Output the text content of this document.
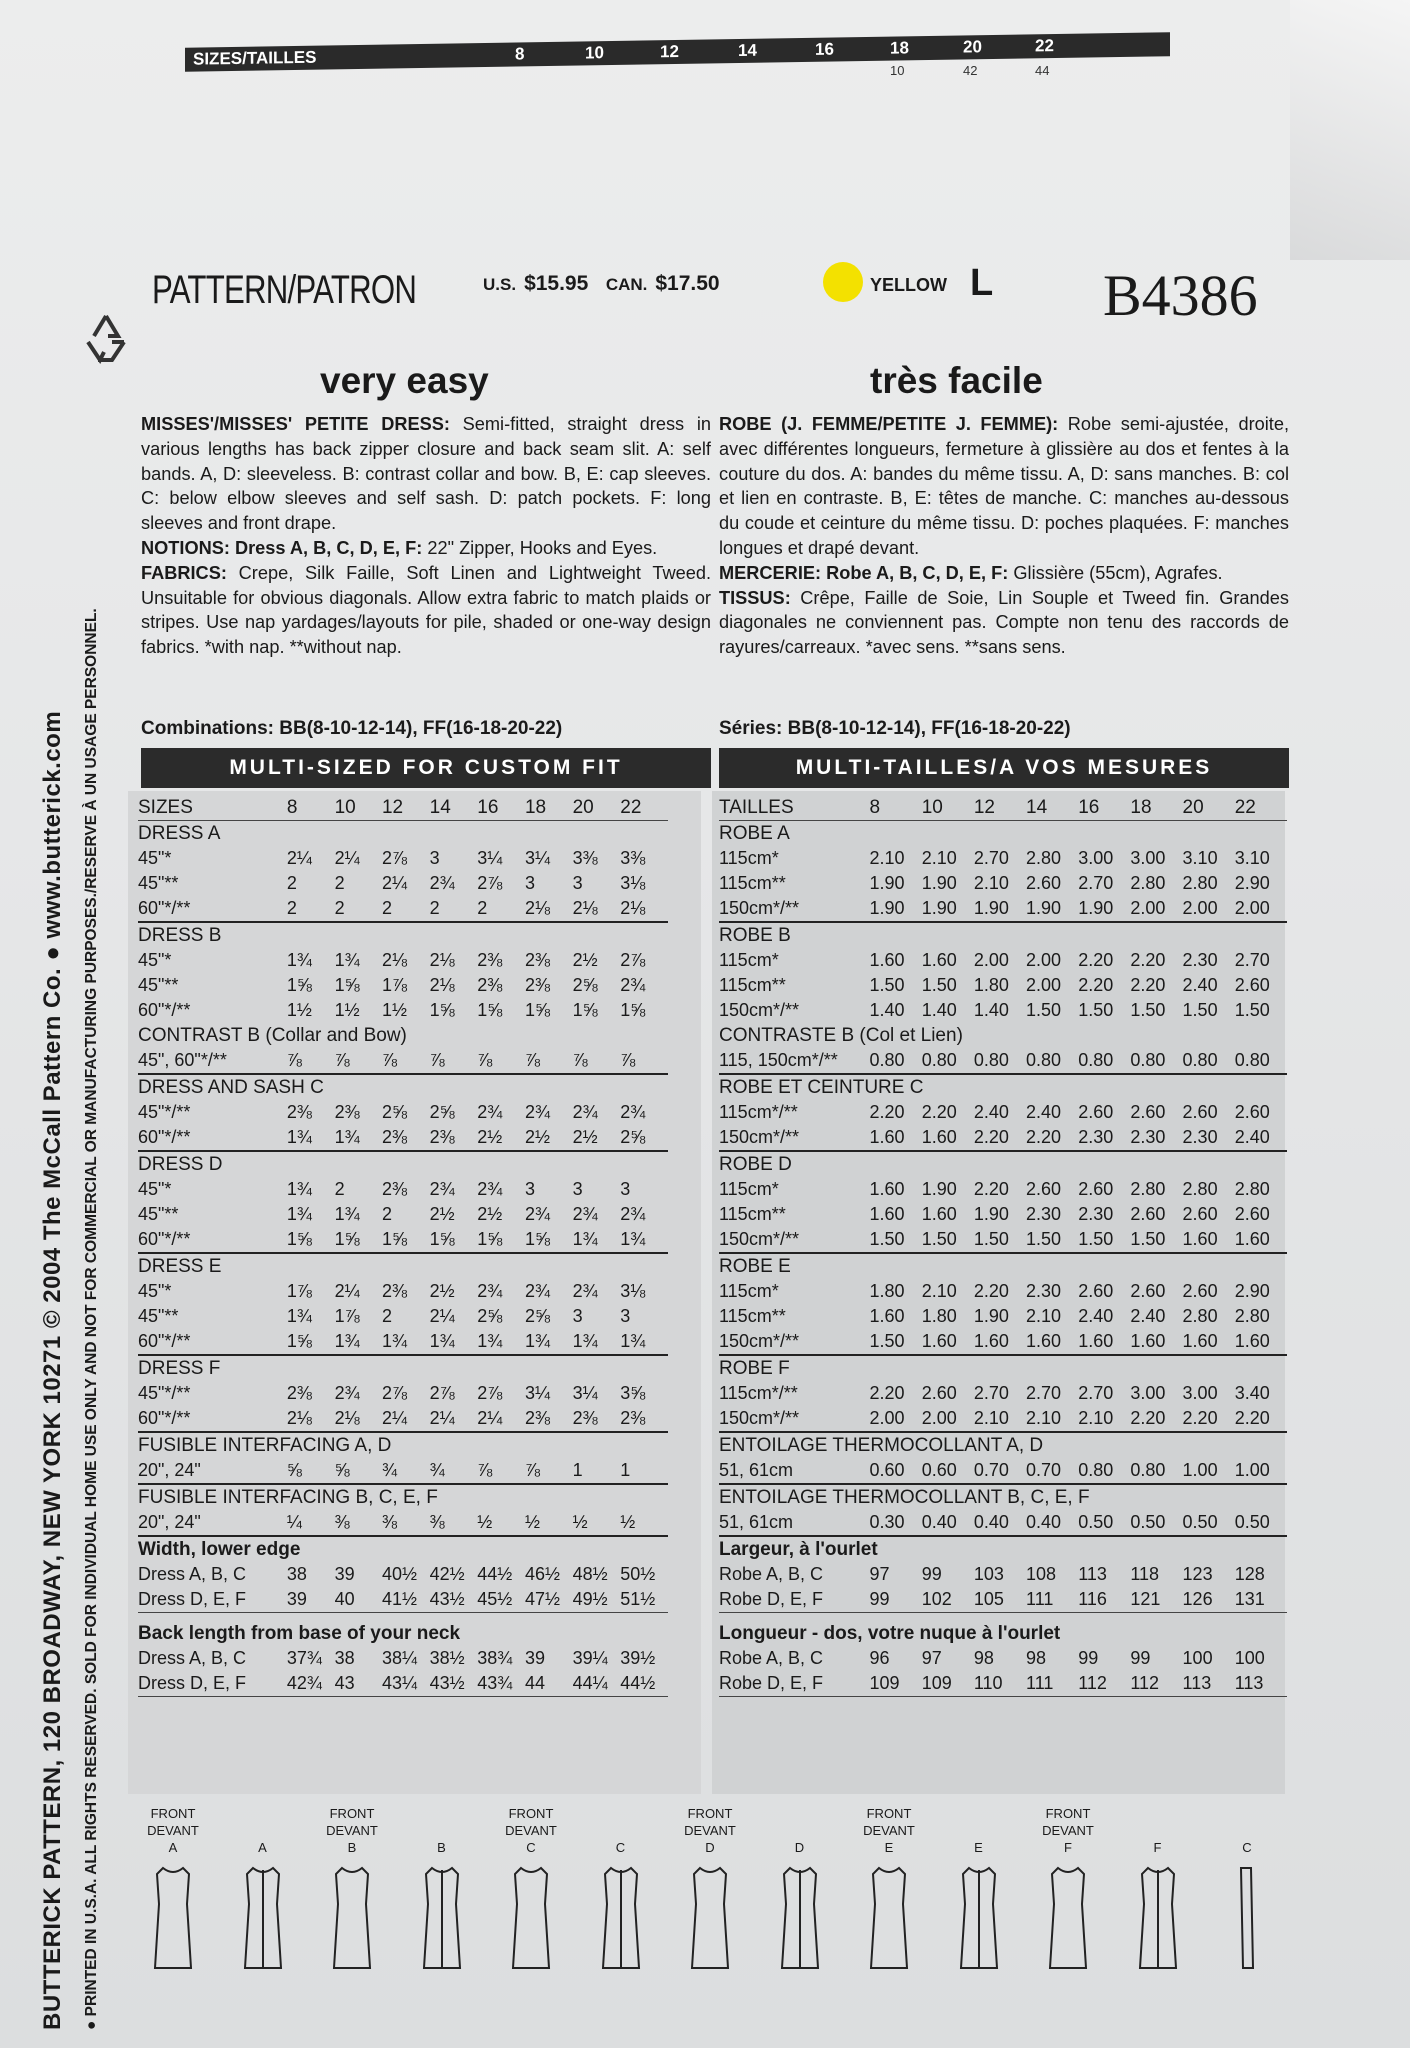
SIZES/TAILLES	8	10	12	14	16	18	20	22
10	42	44
BUTTERICK PATTERN, 120 BROADWAY, NEW YORK 10271 © 2004 The McCall Pattern Co. ● www.butterick.com ● PRINTED IN U.S.A. ALL RIGHTS RESERVED. SOLD FOR INDIVIDUAL HOME USE ONLY AND NOT FOR COMMERCIAL OR MANUFACTURING PURPOSES./RESERVE À UN USAGE PERSONNEL.
PATTERN/PATRON	U.S. $15.95 CAN. $17.50	YELLOW L B4386
very easy	très facile
MISSES'/MISSES' PETITE DRESS: Semi-fitted, straight dress in various lengths has back zipper closure and back seam slit. A: self bands. A, D: sleeveless. B: contrast collar and bow. B, E: cap sleeves. C: below elbow sleeves and self sash. D: patch pockets. F: long sleeves and front drape.
NOTIONS: Dress A, B, C, D, E, F: 22" Zipper, Hooks and Eyes.
FABRICS: Crepe, Silk Faille, Soft Linen and Lightweight Tweed. Unsuitable for obvious diagonals. Allow extra fabric to match plaids or stripes. Use nap yardages/layouts for pile, shaded or one-way design fabrics. *with nap. **without nap.
ROBE (J. FEMME/PETITE J. FEMME): Robe semi-ajustée, droite, avec différentes longueurs, fermeture à glissière au dos et fentes à la couture du dos. A: bandes du même tissu. A, D: sans manches. B: col et lien en contraste. B, E: têtes de manche. C: manches au-dessous du coude et ceinture du même tissu. D: poches plaquées. F: manches longues et drapé devant.
MERCERIE: Robe A, B, C, D, E, F: Glissière (55cm), Agrafes.
TISSUS: Crêpe, Faille de Soie, Lin Souple et Tweed fin. Grandes diagonales ne conviennent pas. Compte non tenu des raccords de rayures/carreaux. *avec sens. **sans sens.
Combinations: BB(8-10-12-14), FF(16-18-20-22)	Séries: BB(8-10-12-14), FF(16-18-20-22)
MULTI-SIZED FOR CUSTOM FIT	MULTI-TAILLES/A VOS MESURES
SIZES	8	10	12	14	16	18	20	22
DRESS A								
45"*	2¼	2¼	2⅞	3	3¼	3¼	3⅜	3⅜
45"**	2	2	2¼	2¾	2⅞	3	3	3⅛
60"*/**	2	2	2	2	2	2⅛	2⅛	2⅛
DRESS B								
45"*	1¾	1¾	2⅛	2⅛	2⅜	2⅜	2½	2⅞
45"**	1⅝	1⅝	1⅞	2⅛	2⅜	2⅜	2⅝	2¾
60"*/**	1½	1½	1½	1⅝	1⅝	1⅝	1⅝	1⅝
CONTRAST B (Collar and Bow)								
45", 60"*/**	⅞	⅞	⅞	⅞	⅞	⅞	⅞	⅞
DRESS AND SASH C								
45"*/**	2⅜	2⅜	2⅝	2⅝	2¾	2¾	2¾	2¾
60"*/**	1¾	1¾	2⅜	2⅜	2½	2½	2½	2⅝
DRESS D								
45"*	1¾	2	2⅜	2¾	2¾	3	3	3
45"**	1¾	1¾	2	2½	2½	2¾	2¾	2¾
60"*/**	1⅝	1⅝	1⅝	1⅝	1⅝	1⅝	1¾	1¾
DRESS E								
45"*	1⅞	2¼	2⅜	2½	2¾	2¾	2¾	3⅛
45"**	1¾	1⅞	2	2¼	2⅝	2⅝	3	3
60"*/**	1⅝	1¾	1¾	1¾	1¾	1¾	1¾	1¾
DRESS F								
45"*/**	2⅜	2¾	2⅞	2⅞	2⅞	3¼	3¼	3⅝
60"*/**	2⅛	2⅛	2¼	2¼	2¼	2⅜	2⅜	2⅜
FUSIBLE INTERFACING A, D								
20", 24"	⅝	⅝	¾	¾	⅞	⅞	1	1
FUSIBLE INTERFACING B, C, E, F								
20", 24"	¼	⅜	⅜	⅜	½	½	½	½
Width, lower edge								
Dress A, B, C	38	39	40½	42½	44½	46½	48½	50½
Dress D, E, F	39	40	41½	43½	45½	47½	49½	51½

Back length from base of your neck								
Dress A, B, C	37¾	38	38¼	38½	38¾	39	39¼	39½
Dress D, E, F	42¾	43	43¼	43½	43¾	44	44¼	44½
TAILLES	8	10	12	14	16	18	20	22
ROBE A								
115cm*	2.10	2.10	2.70	2.80	3.00	3.00	3.10	3.10
115cm**	1.90	1.90	2.10	2.60	2.70	2.80	2.80	2.90
150cm*/**	1.90	1.90	1.90	1.90	1.90	2.00	2.00	2.00
ROBE B								
115cm*	1.60	1.60	2.00	2.00	2.20	2.20	2.30	2.70
115cm**	1.50	1.50	1.80	2.00	2.20	2.20	2.40	2.60
150cm*/**	1.40	1.40	1.40	1.50	1.50	1.50	1.50	1.50
CONTRASTE B (Col et Lien)								
115, 150cm*/**	0.80	0.80	0.80	0.80	0.80	0.80	0.80	0.80
ROBE ET CEINTURE C								
115cm*/**	2.20	2.20	2.40	2.40	2.60	2.60	2.60	2.60
150cm*/**	1.60	1.60	2.20	2.20	2.30	2.30	2.30	2.40
ROBE D								
115cm*	1.60	1.90	2.20	2.60	2.60	2.80	2.80	2.80
115cm**	1.60	1.60	1.90	2.30	2.30	2.60	2.60	2.60
150cm*/**	1.50	1.50	1.50	1.50	1.50	1.50	1.60	1.60
ROBE E								
115cm*	1.80	2.10	2.20	2.30	2.60	2.60	2.60	2.90
115cm**	1.60	1.80	1.90	2.10	2.40	2.40	2.80	2.80
150cm*/**	1.50	1.60	1.60	1.60	1.60	1.60	1.60	1.60
ROBE F								
115cm*/**	2.20	2.60	2.70	2.70	2.70	3.00	3.00	3.40
150cm*/**	2.00	2.00	2.10	2.10	2.10	2.20	2.20	2.20
ENTOILAGE THERMOCOLLANT A, D								
51, 61cm	0.60	0.60	0.70	0.70	0.80	0.80	1.00	1.00
ENTOILAGE THERMOCOLLANT B, C, E, F								
51, 61cm	0.30	0.40	0.40	0.40	0.50	0.50	0.50	0.50
Largeur, à l'ourlet								
Robe A, B, C	97	99	103	108	113	118	123	128
Robe D, E, F	99	102	105	111	116	121	126	131

Longueur - dos, votre nuque à l'ourlet								
Robe A, B, C	96	97	98	98	99	99	100	100
Robe D, E, F	109	109	110	111	112	112	113	113
FRONT
DEVANT
A	A
FRONT
DEVANT
B	B
FRONT
DEVANT
C	C
FRONT
DEVANT
D	D
FRONT
DEVANT
E	E
FRONT
DEVANT
F	F	C
